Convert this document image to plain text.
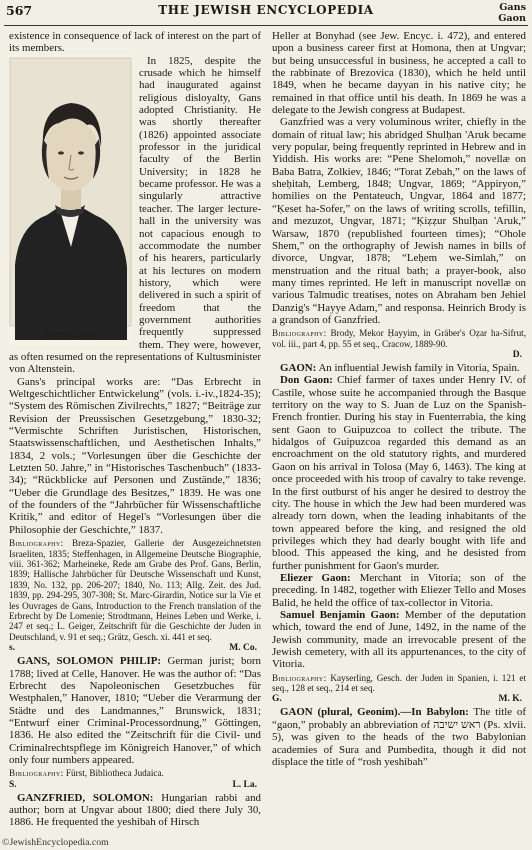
567	THE JEWISH ENCYCLOPEDIA	Gans
Gaon

existence in consequence of lack of interest on the part of its members.

Eduard Gans.

In 1825, despite the crusade which he himself had inaugurated against religious disloyalty, Gans adopted Christianity. He was shortly thereafter (1826) appointed associate professor in the juridical faculty of the Berlin University; in 1828 he became professor. He was a singularly attractive teacher. The larger lecture-hall in the university was not capacious enough to accommodate the number of his hearers, particularly at his lectures on modern history, which were delivered in such a spirit of freedom that the government authorities frequently suppressed them. They were, however, as often resumed on the representations of Kultusminister von Altenstein.

Gans's principal works are: “Das Erbrecht in Weltgeschichtlicher Entwickelung” (vols. i.-iv.,1824-35); “System des Römischen Zivilrechts,” 1827; “Beiträge zur Revision der Preussischen Gesetzgebung,” 1830-32; “Vermischte Schriften Juristischen, Historischen, Staatswissenschaftlichen, und Aesthetischen Inhalts,” 1834, 2 vols.; “Vorlesungen über die Geschichte der Letzten 50. Jahre,” in “Historisches Taschenbuch” (1833-34); “Rückblicke auf Personen und Zustände,” 1836; “Ueber die Grundlage des Besitzes,” 1839. He was one of the founders of the “Jahrbücher für Wissenschaftliche Kritik,” and editor of Hegel's “Vorlesungen über die Philosophie der Geschichte,” 1837.

Bibliography: Breza-Spazier, Gallerie der Ausgezeichnetsten Israeliten, 1835; Steffenhagen, in Allgemeine Deutsche Biographie, viii. 361-362; Marheineke, Rede am Grabe des Prof. Gans, Berlin, 1839; Hallische Jahrbücher für Deutsche Wissenschaft und Kunst, 1839, No. 132, pp. 206-207; 1840, No. 113; Allg. Zeit. des Jud. 1839, pp. 294-295, 307-308; St. Marc-Girardin, Notice sur la Vie et les Ouvrages de Gans, Introduction to the French translation of the Erbrecht by De Lomenie; Strodtmann, Heines Leben und Werke, i. 247 et seq.; L. Geiger, Zeitschrift für die Geschichte der Juden in Deutschland, v. 91 et seq.; Grätz, Gesch. xi. 441 et seq.

s.	M. Co.

GANS, SOLOMON PHILIP: German jurist; born 1788; lived at Celle, Hanover. He was the author of: “Das Erbrecht des Napoleonischen Gesetzbuches für Westphalen,” Hanover, 1810; “Ueber die Verarmung der Städte und des Landmannes,” Brunswick, 1831; “Entwurf einer Criminal-Processordnung,” Göttingen, 1836. He also edited the “Zeitschrift für die Civil- und Criminalrechtspflege im Königreich Hanover,” of which only four numbers appeared.

Bibliography: Fürst, Bibliotheca Judaica.

S.	L. La.

GANZFRIED, SOLOMON: Hungarian rabbi and author; born at Ungvar about 1800; died there July 30, 1886. He frequented the yeshibah of Hirsch

Heller at Bonyhad (see Jew. Encyc. i. 472), and entered upon a business career first at Homona, then at Ungvar; but being unsuccessful in business, he accepted a call to the rabbinate of Brezovica (1830), which he held until 1849, when he became dayyan in his native city; he remained in that office until his death. In 1869 he was a delegate to the Jewish congress at Budapest.

Ganzfried was a very voluminous writer, chiefly in the domain of ritual law; his abridged Shulḥan 'Aruk became very popular, being frequently reprinted in Hebrew and in Yiddish. His works are: “Pene Shelomoh,” novellæ on Baba Batra, Zolkiev, 1846; “Torat Zebah,” on the laws of sheḥitah, Lemberg, 1848; Ungvar, 1869; “Appiryon,” homilies on the Pentateuch, Ungvar, 1864 and 1877; “Ḳeset ha-Sofer,” on the laws of writing scrolls, tefillin, and mezuzot, Ungvar, 1871; “Ḳiẓẓur Shulḥan 'Aruk,” Warsaw, 1870 (republished fourteen times); “Ohole Shem,” on the orthography of Jewish names in bills of divorce, Ungvar, 1878; “Leḥem we-Simlah,” on menstruation and the ritual bath; a prayer-book, also many times reprinted. He left in manuscript novellæ on various Talmudic treatises, notes on Abraham ben Jehiel Danzig's “Hayye Adam,” and responsa. Heinrich Brody is a grandson of Ganzfried.

Bibliography: Brody, Mekor Ḥayyim, in Gräber's Oẓar ha-Sifrut, vol. iii., part 4, pp. 55 et seq., Cracow, 1889-90.

D.

GAON: An influential Jewish family in Vitoria, Spain.

Don Gaon: Chief farmer of taxes under Henry IV. of Castile, whose suite he accompanied through the Basque territory on the way to S. Juan de Luz on the Spanish-French frontier. During his stay in Fuenterrabia, the king sent Gaon to Guipuzcoa to collect the tribute. The hidalgos of Guipuzcoa regarded this demand as an encroachment on the old statutory rights, and murdered Gaon on his arrival in Tolosa (May 6, 1463). The king at once proceeded with his troop of cavalry to take revenge. In the first outburst of his anger he desired to destroy the city. The house in which the Jew had been murdered was already torn down, when the leading inhabitants of the town appeared before the king, and resigned the old privileges which they had dearly bought with life and blood. This appeased the king, and he desisted from further punishment for Gaon's murder.

Eliezer Gaon: Merchant in Vitoria; son of the preceding. In 1482, together with Eliezer Tello and Moses Balid, he held the office of tax-collector in Vitoria.

Samuel Benjamin Gaon: Member of the deputation which, toward the end of June, 1492, in the name of the Jewish community, made an irrevocable present of the Jewish cemetery, with all its appurtenances, to the city of Vitoria.

Bibliography: Kayserling, Gesch. der Juden in Spanien, i. 121 et seq., 128 et seq., 214 et seq.

G.	M. K.

GAON (plural, Geonim).—In Babylon: The title of “gaon,” probably an abbreviation of ראש ישיבה (Ps. xlvii. 5), was given to the heads of the two Babylonian academies of Sura and Pumbedita, though it did not displace the title of “rosh yeshibah”

©JewishEncyclopedia.com
